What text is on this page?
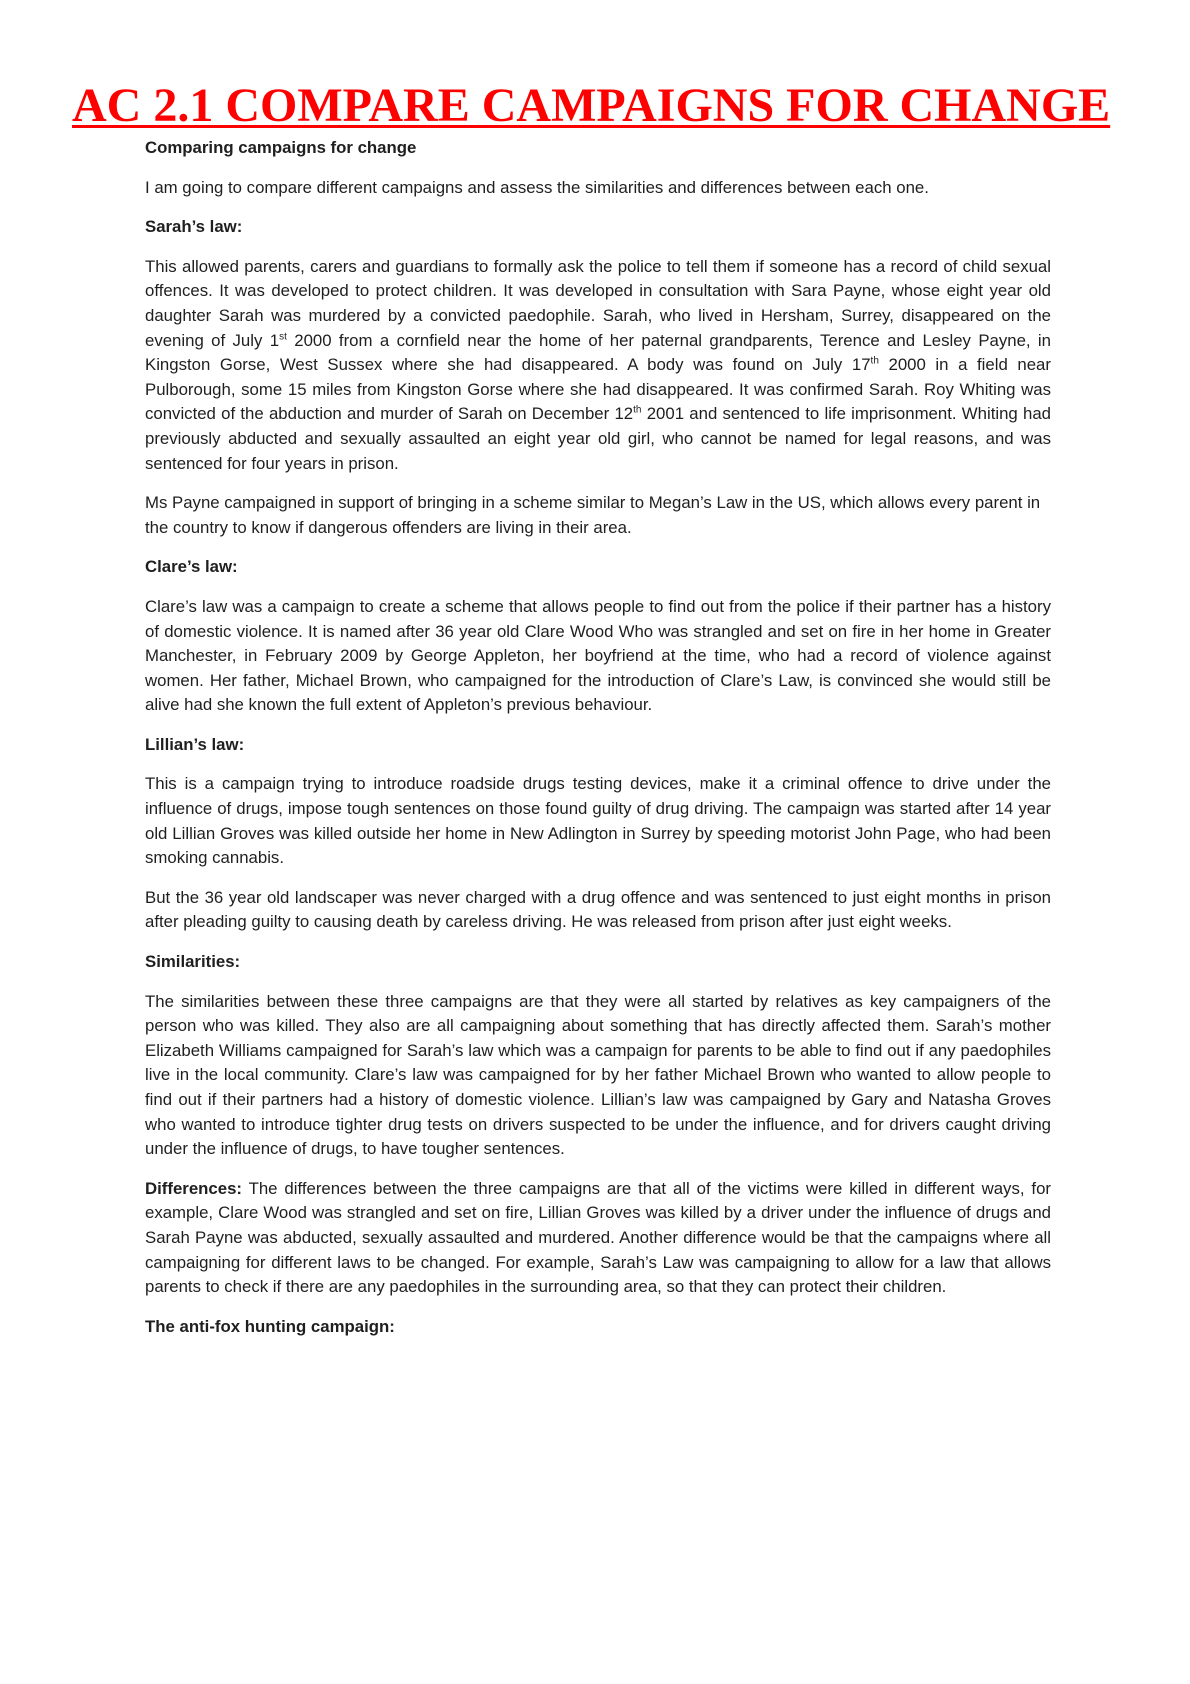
AC 2.1 COMPARE CAMPAIGNS FOR CHANGE

Comparing campaigns for change

I am going to compare different campaigns and assess the similarities and differences between each one.

Sarah’s law:

This allowed parents, carers and guardians to formally ask the police to tell them if someone has a record of child sexual offences. It was developed to protect children. It was developed in consultation with Sara Payne, whose eight year old daughter Sarah was murdered by a convicted paedophile. Sarah, who lived in Hersham, Surrey, disappeared on the evening of July 1st 2000 from a cornfield near the home of her paternal grandparents, Terence and Lesley Payne, in Kingston Gorse, West Sussex where she had disappeared. A body was found on July 17th 2000 in a field near Pulborough, some 15 miles from Kingston Gorse where she had disappeared. It was confirmed Sarah. Roy Whiting was convicted of the abduction and murder of Sarah on December 12th 2001 and sentenced to life imprisonment. Whiting had previously abducted and sexually assaulted an eight year old girl, who cannot be named for legal reasons, and was sentenced for four years in prison.

Ms Payne campaigned in support of bringing in a scheme similar to Megan’s Law in the US, which allows every parent in the country to know if dangerous offenders are living in their area.

Clare’s law:

Clare’s law was a campaign to create a scheme that allows people to find out from the police if their partner has a history of domestic violence. It is named after 36 year old Clare Wood Who was strangled and set on fire in her home in Greater Manchester, in February 2009 by George Appleton, her boyfriend at the time, who had a record of violence against women. Her father, Michael Brown, who campaigned for the introduction of Clare’s Law, is convinced she would still be alive had she known the full extent of Appleton’s previous behaviour.

Lillian’s law:

This is a campaign trying to introduce roadside drugs testing devices, make it a criminal offence to drive under the influence of drugs, impose tough sentences on those found guilty of drug driving. The campaign was started after 14 year old Lillian Groves was killed outside her home in New Adlington in Surrey by speeding motorist John Page, who had been smoking cannabis.

But the 36 year old landscaper was never charged with a drug offence and was sentenced to just eight months in prison after pleading guilty to causing death by careless driving. He was released from prison after just eight weeks.

Similarities:

The similarities between these three campaigns are that they were all started by relatives as key campaigners of the person who was killed. They also are all campaigning about something that has directly affected them. Sarah’s mother Elizabeth Williams campaigned for Sarah’s law which was a campaign for parents to be able to find out if any paedophiles live in the local community. Clare’s law was campaigned for by her father Michael Brown who wanted to allow people to find out if their partners had a history of domestic violence. Lillian’s law was campaigned by Gary and Natasha Groves who wanted to introduce tighter drug tests on drivers suspected to be under the influence, and for drivers caught driving under the influence of drugs, to have tougher sentences.

Differences: The differences between the three campaigns are that all of the victims were killed in different ways, for example, Clare Wood was strangled and set on fire, Lillian Groves was killed by a driver under the influence of drugs and Sarah Payne was abducted, sexually assaulted and murdered. Another difference would be that the campaigns where all campaigning for different laws to be changed. For example, Sarah’s Law was campaigning to allow for a law that allows parents to check if there are any paedophiles in the surrounding area, so that they can protect their children.

The anti-fox hunting campaign:
